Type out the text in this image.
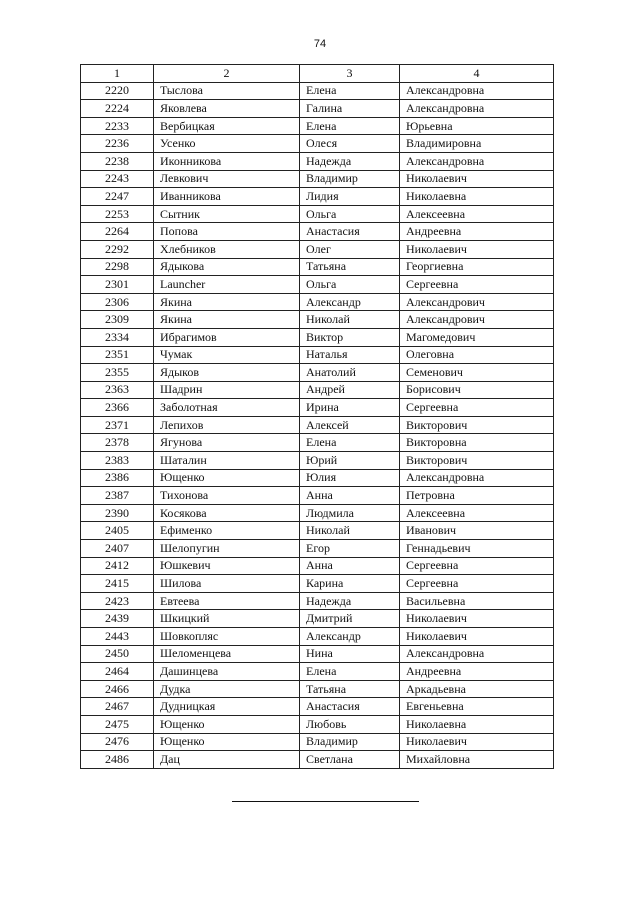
74
1	2	3	4
2220	Тыслова	Елена	Александровна
2224	Яковлева	Галина	Александровна
2233	Вербицкая	Елена	Юрьевна
2236	Усенко	Олеся	Владимировна
2238	Иконникова	Надежда	Александровна
2243	Левкович	Владимир	Николаевич
2247	Иванникова	Лидия	Николаевна
2253	Сытник	Ольга	Алексеевна
2264	Попова	Анастасия	Андреевна
2292	Хлебников	Олег	Николаевич
2298	Ядыкова	Татьяна	Георгиевна
2301	Launcher	Ольга	Сергеевна
2306	Якина	Александр	Александрович
2309	Якина	Николай	Александрович
2334	Ибрагимов	Виктор	Магомедович
2351	Чумак	Наталья	Олеговна
2355	Ядыков	Анатолий	Семенович
2363	Шадрин	Андрей	Борисович
2366	Заболотная	Ирина	Сергеевна
2371	Лепихов	Алексей	Викторович
2378	Ягунова	Елена	Викторовна
2383	Шаталин	Юрий	Викторович
2386	Ющенко	Юлия	Александровна
2387	Тихонова	Анна	Петровна
2390	Косякова	Людмила	Алексеевна
2405	Ефименко	Николай	Иванович
2407	Шелопугин	Егор	Геннадьевич
2412	Юшкевич	Анна	Сергеевна
2415	Шилова	Карина	Сергеевна
2423	Евтеева	Надежда	Васильевна
2439	Шкицкий	Дмитрий	Николаевич
2443	Шовкопляс	Александр	Николаевич
2450	Шеломенцева	Нина	Александровна
2464	Дашинцева	Елена	Андреевна
2466	Дудка	Татьяна	Аркадьевна
2467	Дудницкая	Анастасия	Евгеньевна
2475	Ющенко	Любовь	Николаевна
2476	Ющенко	Владимир	Николаевич
2486	Дац	Светлана	Михайловна
